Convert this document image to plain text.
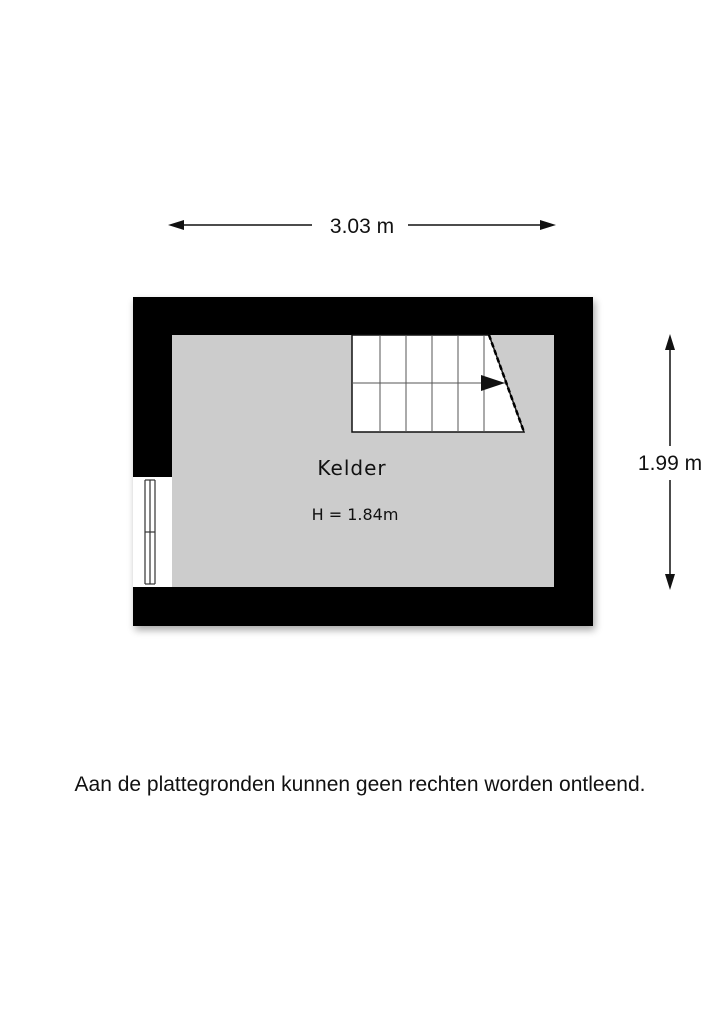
3.03 m
1.99 m
Kelder
H = 1.84m
Aan de plattegronden kunnen geen rechten worden ontleend.
